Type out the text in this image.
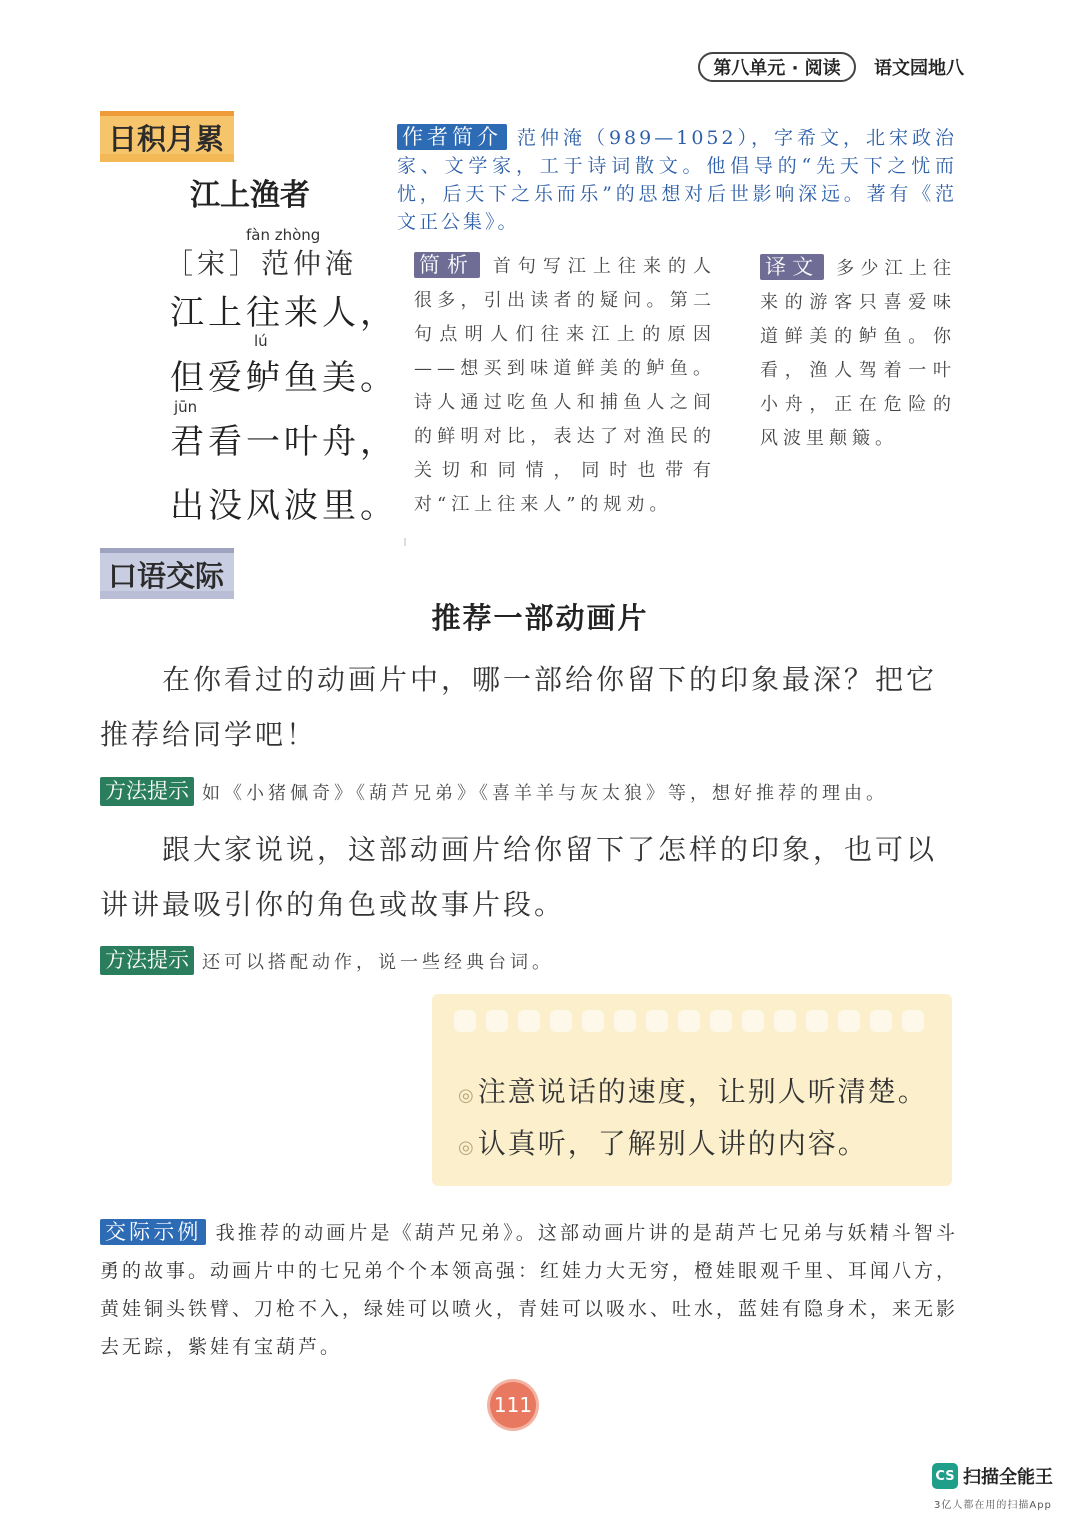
第八单元 · 阅读	语文园地八
日积月累
江上渔者
fàn zhòng
［宋］范仲淹
江上往来人，
lú
但爱鲈鱼美。
jūn
君看一叶舟，
出没风波里。
作者简介 范仲淹（989—1052），字希文，北宋政治家、文学家，工于诗词散文。他倡导的“先天下之忧而忧，后天下之乐而乐”的思想对后世影响深远。著有《范文正公集》。
简析 首句写江上往来的人很多，引出读者的疑问。第二句点明人们往来江上的原因——想买到味道鲜美的鲈鱼。诗人通过吃鱼人和捕鱼人之间的鲜明对比，表达了对渔民的关切和同情，同时也带有对“江上往来人”的规劝。
译文 多少江上往来的游客只喜爱味道鲜美的鲈鱼。你看，渔人驾着一叶小舟，正在危险的风波里颠簸。
口语交际
推荐一部动画片
在你看过的动画片中，哪一部给你留下的印象最深？把它推荐给同学吧！
方法提示 如《小猪佩奇》《葫芦兄弟》《喜羊羊与灰太狼》等，想好推荐的理由。
跟大家说说，这部动画片给你留下了怎样的印象，也可以讲讲最吸引你的角色或故事片段。
方法提示 还可以搭配动作，说一些经典台词。
◎注意说话的速度，让别人听清楚。
◎认真听，了解别人讲的内容。
交际示例 我推荐的动画片是《葫芦兄弟》。这部动画片讲的是葫芦七兄弟与妖精斗智斗勇的故事。动画片中的七兄弟个个本领高强：红娃力大无穷，橙娃眼观千里、耳闻八方，黄娃铜头铁臂、刀枪不入，绿娃可以喷火，青娃可以吸水、吐水，蓝娃有隐身术，来无影去无踪，紫娃有宝葫芦。
111
CS 扫描全能王
3亿人都在用的扫描App
